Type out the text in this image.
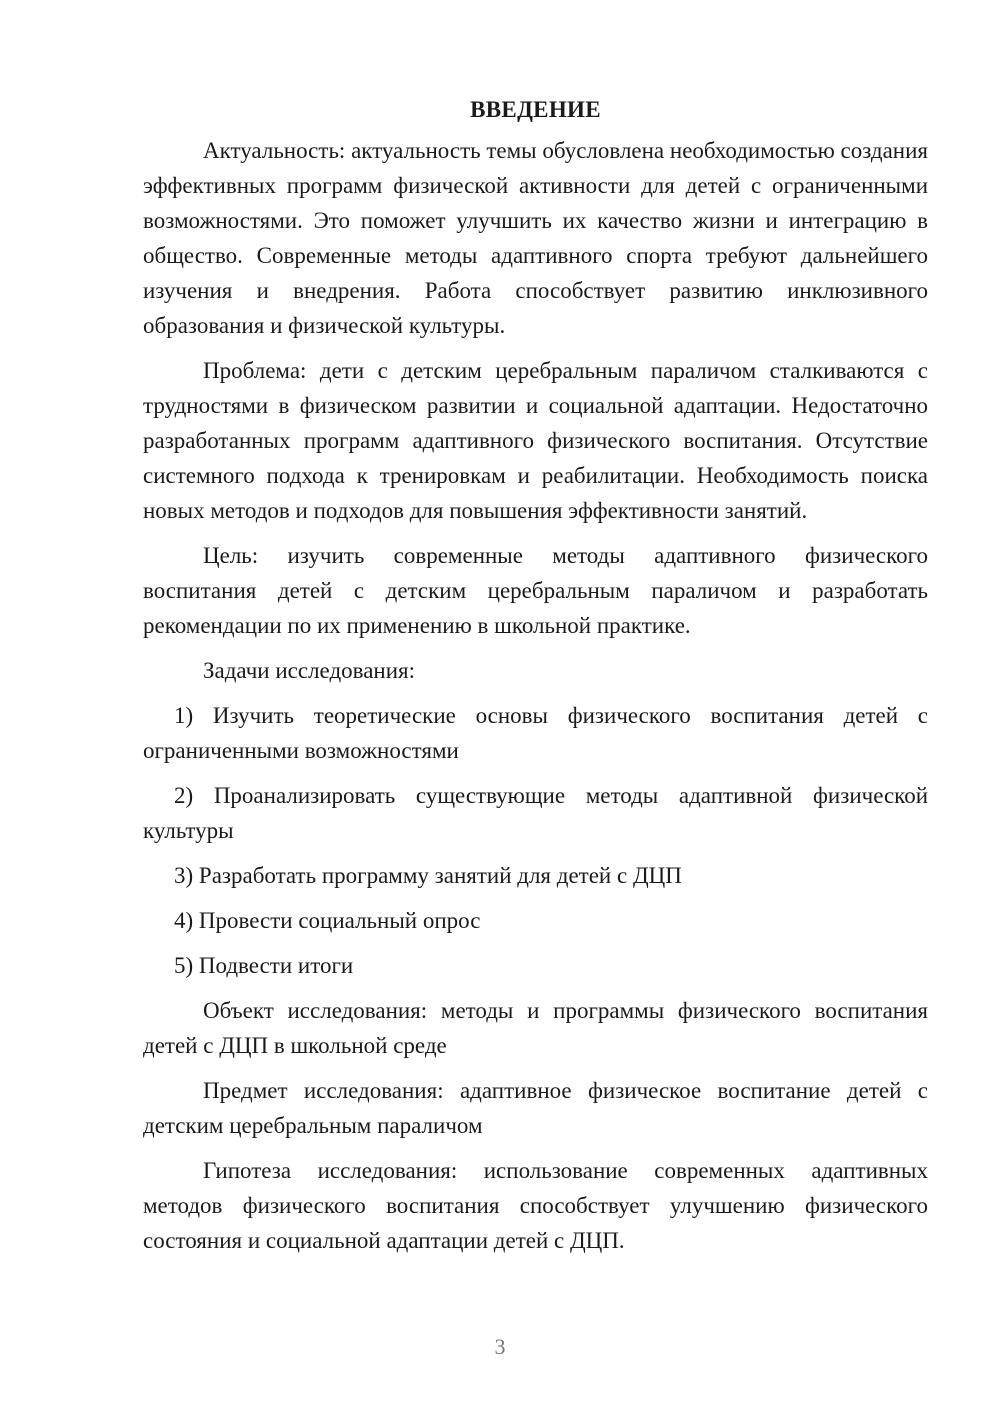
ВВЕДЕНИЕ

Актуальность: актуальность темы обусловлена необходимостью создания эффективных программ физической активности для детей с ограниченными возможностями. Это поможет улучшить их качество жизни и интеграцию в общество. Современные методы адаптивного спорта требуют дальнейшего изучения и внедрения. Работа способствует развитию инклюзивного образования и физической культуры.

Проблема: дети с детским церебральным параличом сталкиваются с трудностями в физическом развитии и социальной адаптации. Недостаточно разработанных программ адаптивного физического воспитания. Отсутствие системного подхода к тренировкам и реабилитации. Необходимость поиска новых методов и подходов для повышения эффективности занятий.

Цель: изучить современные методы адаптивного физического воспитания детей с детским церебральным параличом и разработать рекомендации по их применению в школьной практике.

Задачи исследования:

1) Изучить теоретические основы физического воспитания детей с ограниченными возможностями

2) Проанализировать существующие методы адаптивной физической культуры

3) Разработать программу занятий для детей с ДЦП

4) Провести социальный опрос

5) Подвести итоги

Объект исследования: методы и программы физического воспитания детей с ДЦП в школьной среде

Предмет исследования: адаптивное физическое воспитание детей с детским церебральным параличом

Гипотеза исследования: использование современных адаптивных методов физического воспитания способствует улучшению физического состояния и социальной адаптации детей с ДЦП.

3
